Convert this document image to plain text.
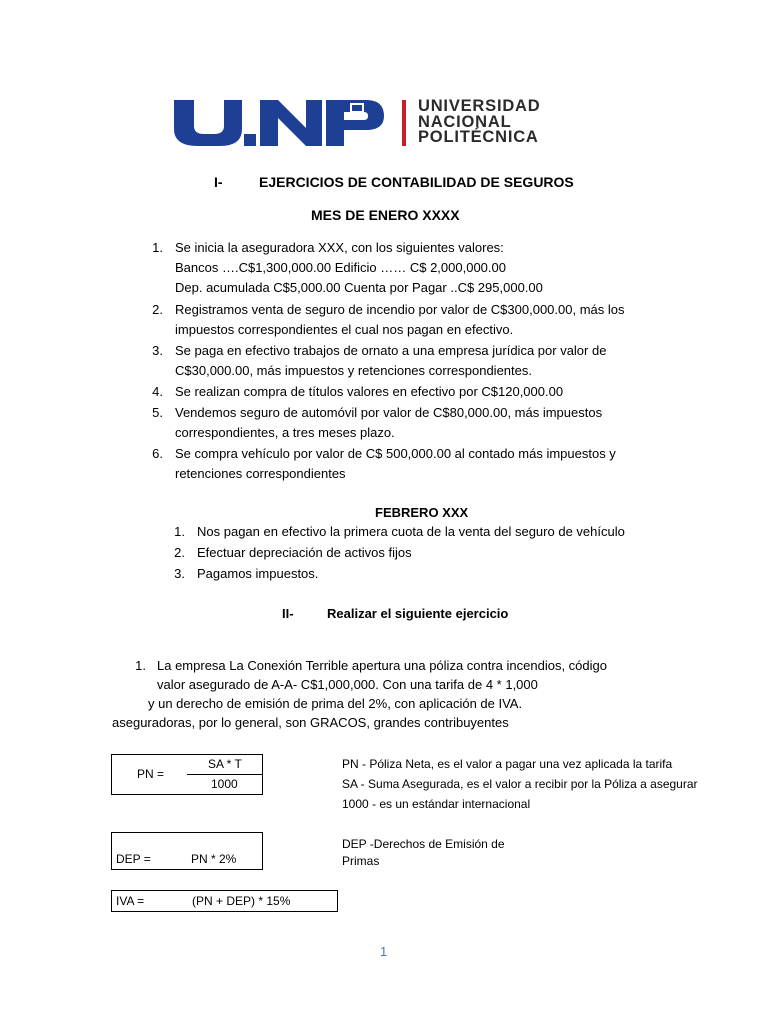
UNIVERSIDAD
NACIONAL
POLITÉCNICA
I-	EJERCICIOS DE CONTABILIDAD DE SEGUROS
MES DE ENERO XXXX
1. Se inicia la aseguradora XXX, con los siguientes valores:
Bancos ….C$1,300,000.00 Edificio …… C$ 2,000,000.00
Dep. acumulada C$5,000.00 Cuenta por Pagar ..C$ 295,000.00
2. Registramos venta de seguro de incendio por valor de C$300,000.00, más los
impuestos correspondientes el cual nos pagan en efectivo.
3. Se paga en efectivo trabajos de ornato a una empresa jurídica por valor de
C$30,000.00, más impuestos y retenciones correspondientes.
4. Se realizan compra de títulos valores en efectivo por C$120,000.00
5. Vendemos seguro de automóvil por valor de C$80,000.00, más impuestos
correspondientes, a tres meses plazo.
6. Se compra vehículo por valor de C$ 500,000.00 al contado más impuestos y
retenciones correspondientes
FEBRERO XXX
1. Nos pagan en efectivo la primera cuota de la venta del seguro de vehículo
2. Efectuar depreciación de activos fijos
3. Pagamos impuestos.
II-	Realizar el siguiente ejercicio
1. La empresa La Conexión Terrible apertura una póliza contra incendios, código
valor asegurado de A-A- C$1,000,000. Con una tarifa de 4 * 1,000
y un derecho de emisión de prima del 2%, con aplicación de IVA.
aseguradoras, por lo general, son GRACOS, grandes contribuyentes
PN =
SA * T
1000
PN - Póliza Neta, es el valor a pagar una vez aplicada la tarifa
SA - Suma Asegurada, es el valor a recibir por la Póliza a asegurar
1000 - es un estándar internacional
DEP =	PN * 2%
DEP -Derechos de Emisión de
Primas
IVA =	(PN + DEP) * 15%
1
